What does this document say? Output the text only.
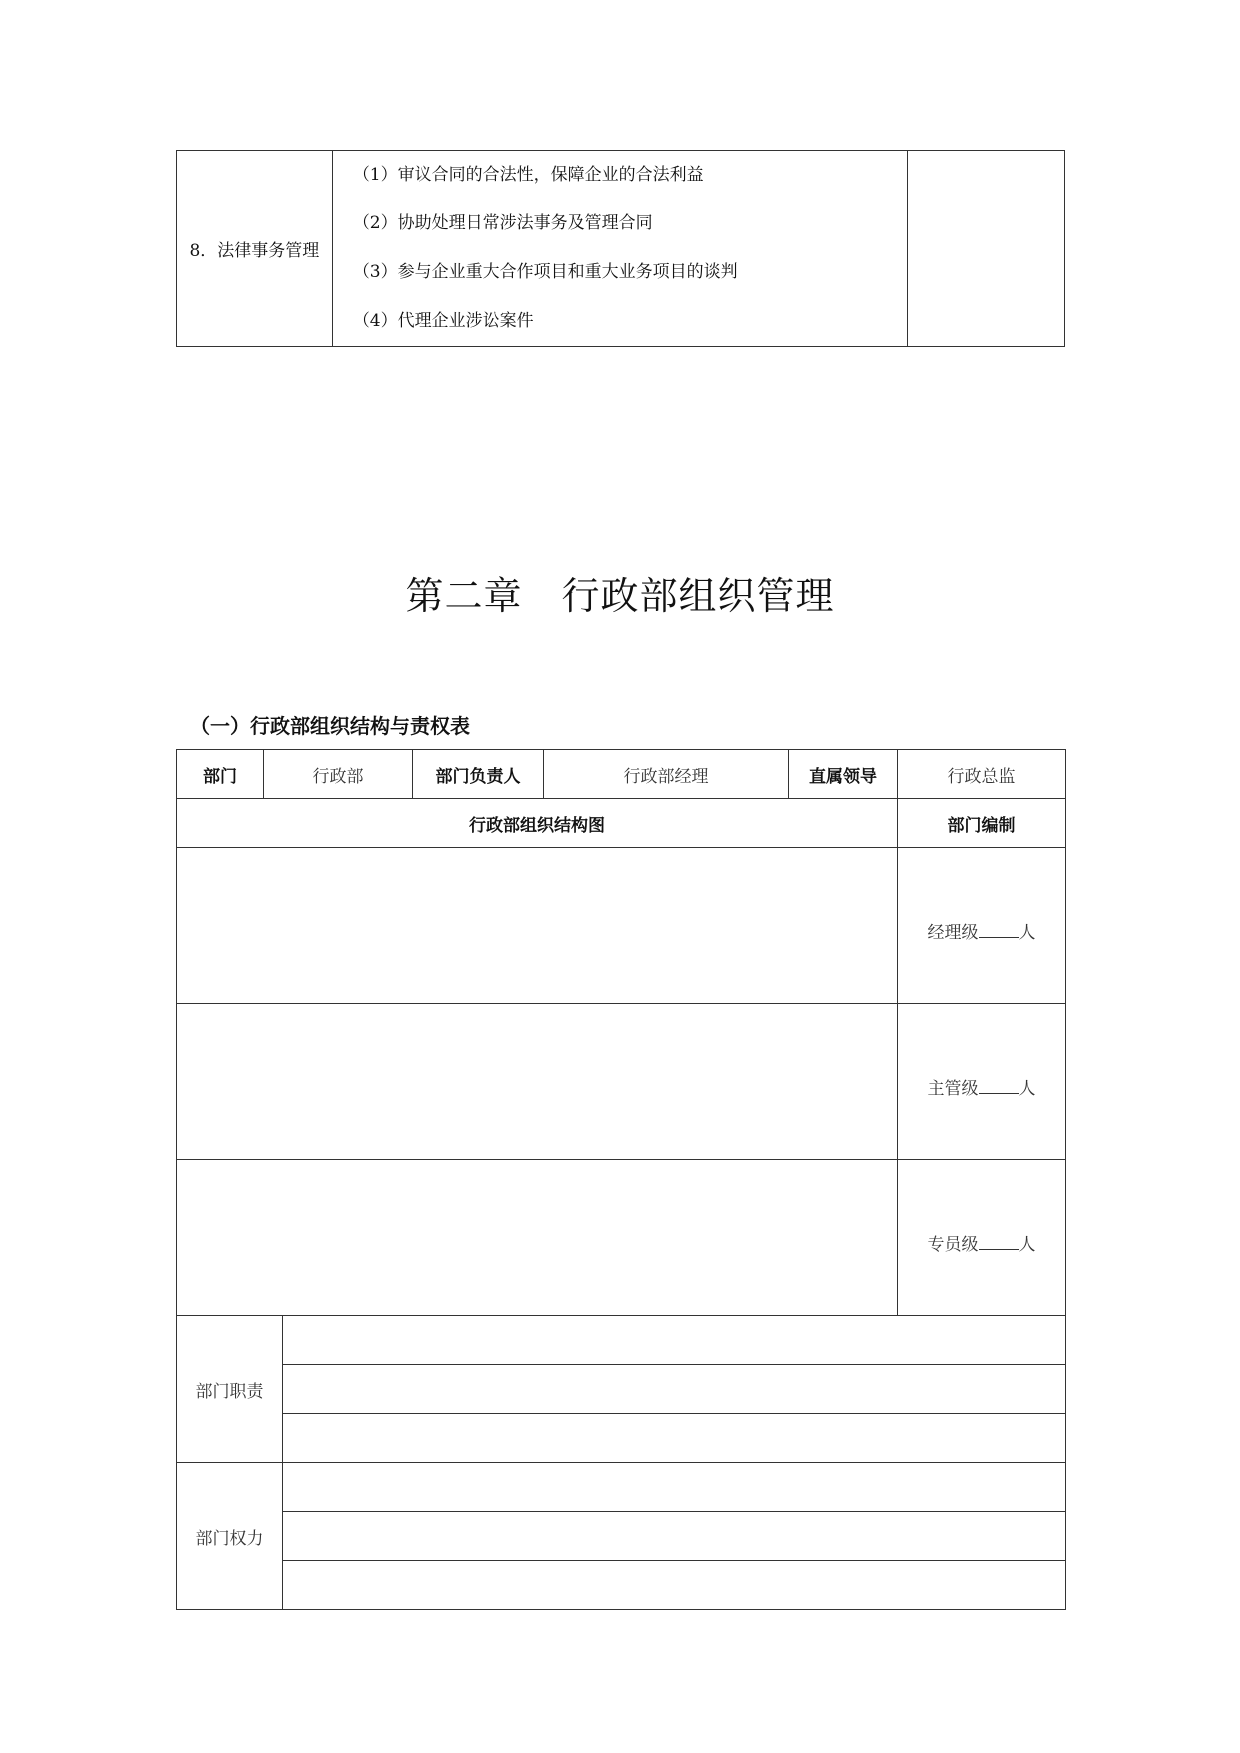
8．法律事务管理	
（1）审议合同的合法性，保障企业的合法利益
（2）协助处理日常涉法事务及管理合同
（3）参与企业重大合作项目和重大业务项目的谈判
（4）代理企业涉讼案件

第二章　行政部组织管理
（一）行政部组织结构与责权表
部门	行政部		部门负责人	行政部经理	直属领导	行政总监
行政部组织结构图						部门编制
						经理级 人
						主管级 人
						专员级 人
部门职责						

部门权力						
